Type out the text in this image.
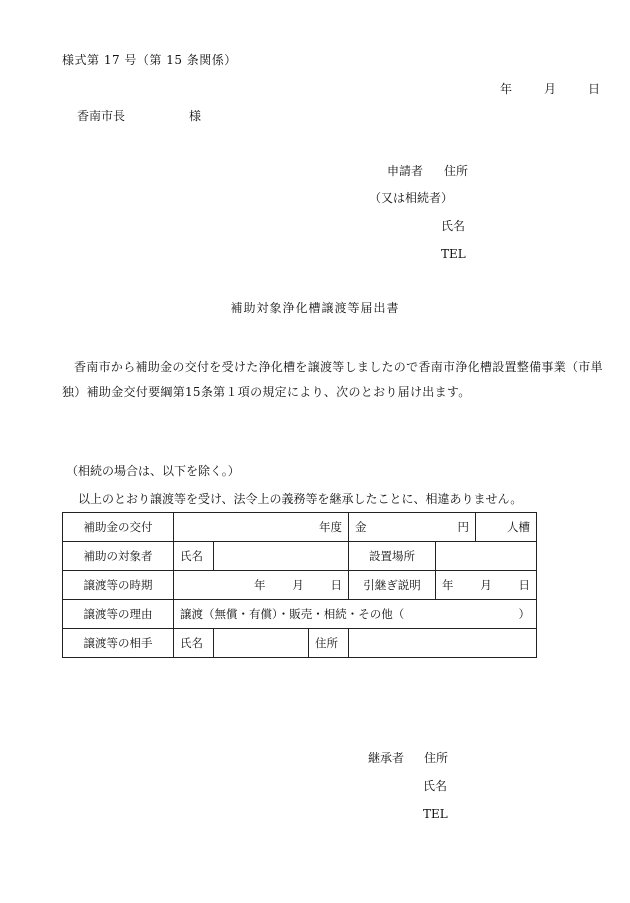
様式第 17 号（第 15 条関係）
年	月	日
香南市長	様
申請者 住所
（又は相続者）
氏名
TEL
補助対象浄化槽譲渡等届出書
香南市から補助金の交付を受けた浄化槽を譲渡等しましたので香南市浄化槽設置整備事業（市単独）補助金交付要綱第15条第１項の規定により、次のとおり届け出ます。
（相続の場合は、以下を除く。）
以上のとおり譲渡等を受け、法令上の義務等を継承したことに、相違ありません。
補助金の交付	年度			金 円		人槽
補助の対象者	氏名			設置場所		
譲渡等の時期	年 月 日			引継ぎ説明	年 月 日	

譲渡等の理由	譲渡（無償・有償）・販売・相続・その他（ ）					

譲渡等の相手	氏名		住所			
継承者 住所
氏名
TEL
